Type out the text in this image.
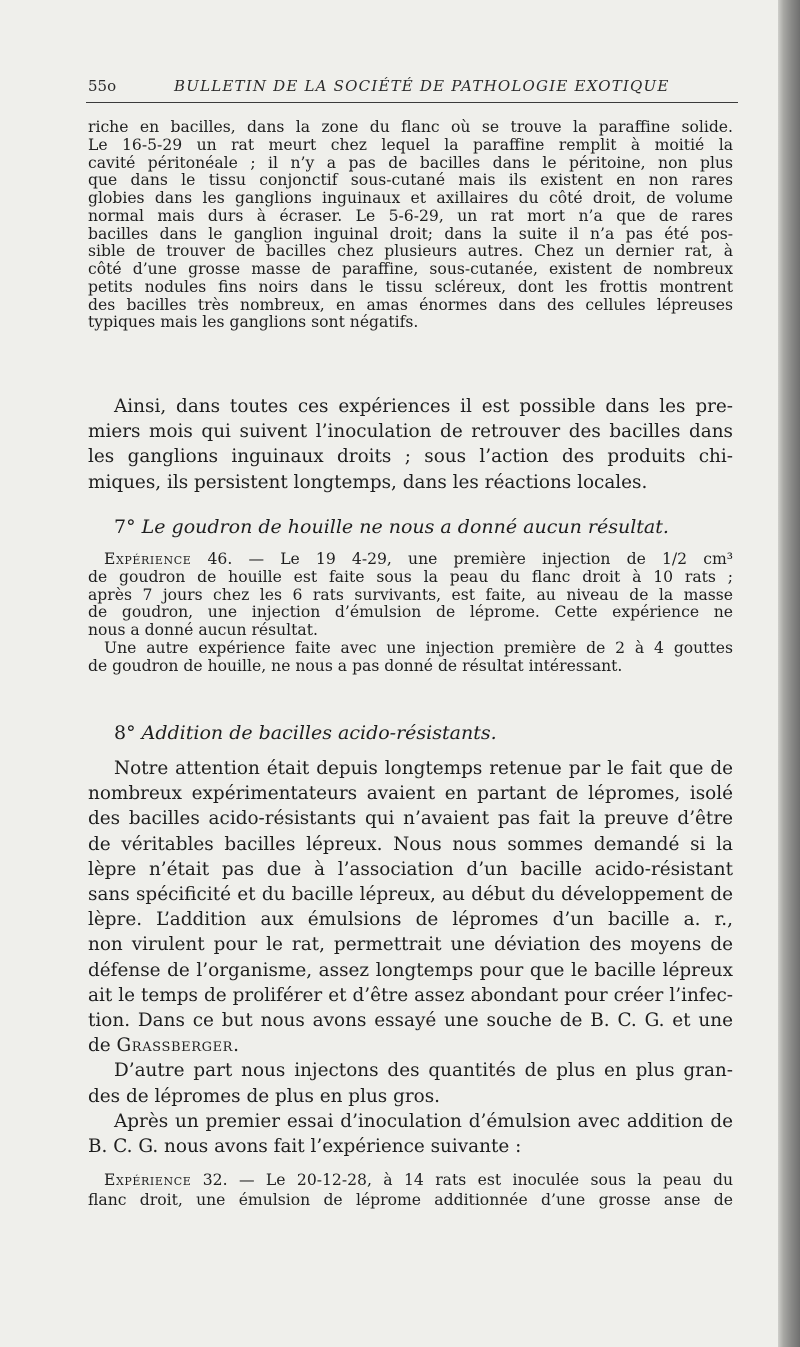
55o	BULLETIN DE LA SOCIÉTÉ DE PATHOLOGIE EXOTIQUE
riche en bacilles, dans la zone du flanc où se trouve la paraffine solide.
Le 16-5-29 un rat meurt chez lequel la paraffine remplit à moitié la
cavité péritonéale ; il n’y a pas de bacilles dans le péritoine, non plus
que dans le tissu conjonctif sous-cutané mais ils existent en non rares
globies dans les ganglions inguinaux et axillaires du côté droit, de volume
normal mais durs à écraser. Le 5-6-29, un rat mort n’a que de rares
bacilles dans le ganglion inguinal droit; dans la suite il n’a pas été pos-
sible de trouver de bacilles chez plusieurs autres. Chez un dernier rat, à
côté d’une grosse masse de paraffine, sous-cutanée, existent de nombreux
petits nodules fins noirs dans le tissu scléreux, dont les frottis montrent
des bacilles très nombreux, en amas énormes dans des cellules lépreuses
typiques mais les ganglions sont négatifs.
Ainsi, dans toutes ces expériences il est possible dans les pre-
miers mois qui suivent l’inoculation de retrouver des bacilles dans
les ganglions inguinaux droits ; sous l’action des produits chi-
miques, ils persistent longtemps, dans les réactions locales.
7° Le goudron de houille ne nous a donné aucun résultat.
Expérience 46. — Le 19 4-29, une première injection de 1/2 cm³
de goudron de houille est faite sous la peau du flanc droit à 10 rats ;
après 7 jours chez les 6 rats survivants, est faite, au niveau de la masse
de goudron, une injection d’émulsion de lépromе. Cette expérience ne
nous a donné aucun résultat.
Une autre expérience faite avec une injection première de 2 à 4 gouttes
de goudron de houille, ne nous a pas donné de résultat intéressant.
8° Addition de bacilles acido-résistants.
Notre attention était depuis longtemps retenue par le fait que de
nombreux expérimentateurs avaient en partant de lépromes, isolé
des bacilles acido-résistants qui n’avaient pas fait la preuve d’être
de véritables bacilles lépreux. Nous nous sommes demandé si la
lèpre n’était pas due à l’association d’un bacille acido-résistant
sans spécificité et du bacille lépreux, au début du développement de
lèpre. L’addition aux émulsions de lépromes d’un bacille a. r.,
non virulent pour le rat, permettrait une déviation des moyens de
défense de l’organisme, assez longtemps pour que le bacille lépreux
ait le temps de proliférer et d’être assez abondant pour créer l’infec-
tion. Dans ce but nous avons essayé une souche de B. C. G. et une
de Grassberger.
D’autre part nous injectons des quantités de plus en plus gran-
des de lépromes de plus en plus gros.
Après un premier essai d’inoculation d’émulsion avec addition de
B. C. G. nous avons fait l’expérience suivante :
Expérience 32. — Le 20-12-28, à 14 rats est inoculée sous la peau du
flanc droit, une émulsion de léprome additionnée d’une grosse anse de
